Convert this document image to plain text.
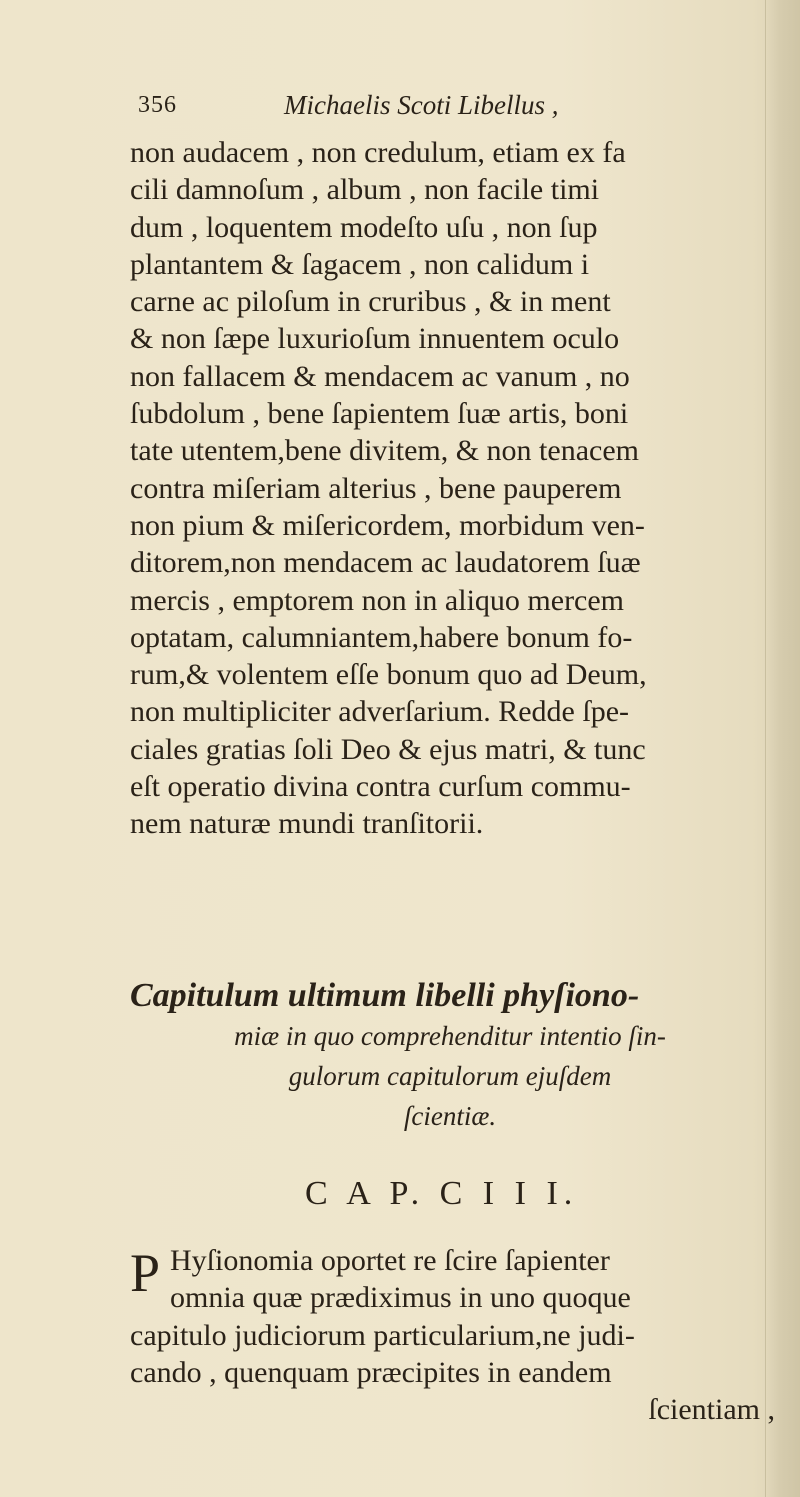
356	Michaelis Scoti Libellus ,
non audacem , non credulum, etiam ex fa
cili damnoſum , album , non facile timi
dum , loquentem modeſto uſu , non ſup
plantantem & ſagacem , non calidum i
carne ac piloſum in cruribus , & in ment
& non ſæpe luxurioſum innuentem oculo
non fallacem & mendacem ac vanum , no
ſubdolum , bene ſapientem ſuæ artis, boni
tate utentem,bene divitem, & non tenacem
contra miſeriam alterius , bene pauperem
non pium & miſericordem, morbidum ven-
ditorem,non mendacem ac laudatorem ſuæ
mercis , emptorem non in aliquo mercem
optatam, calumniantem,habere bonum fo-
rum,& volentem eſſe bonum quo ad Deum,
non multipliciter adverſarium. Redde ſpe-
ciales gratias ſoli Deo & ejus matri, & tunc
eſt operatio divina contra curſum commu-
nem naturæ mundi tranſitorii.
Capitulum ultimum libelli phyſiono-
miæ in quo comprehenditur intentio ſin-
gulorum capitulorum ejuſdem
ſcientiæ.
C A P. C I I I.
P Hyſionomia oportet re ſcire ſapienter
omnia quæ prædiximus in uno quoque
capitulo judiciorum particularium,ne judi-
cando , quenquam præcipites in eandem
ſcientiam ,
